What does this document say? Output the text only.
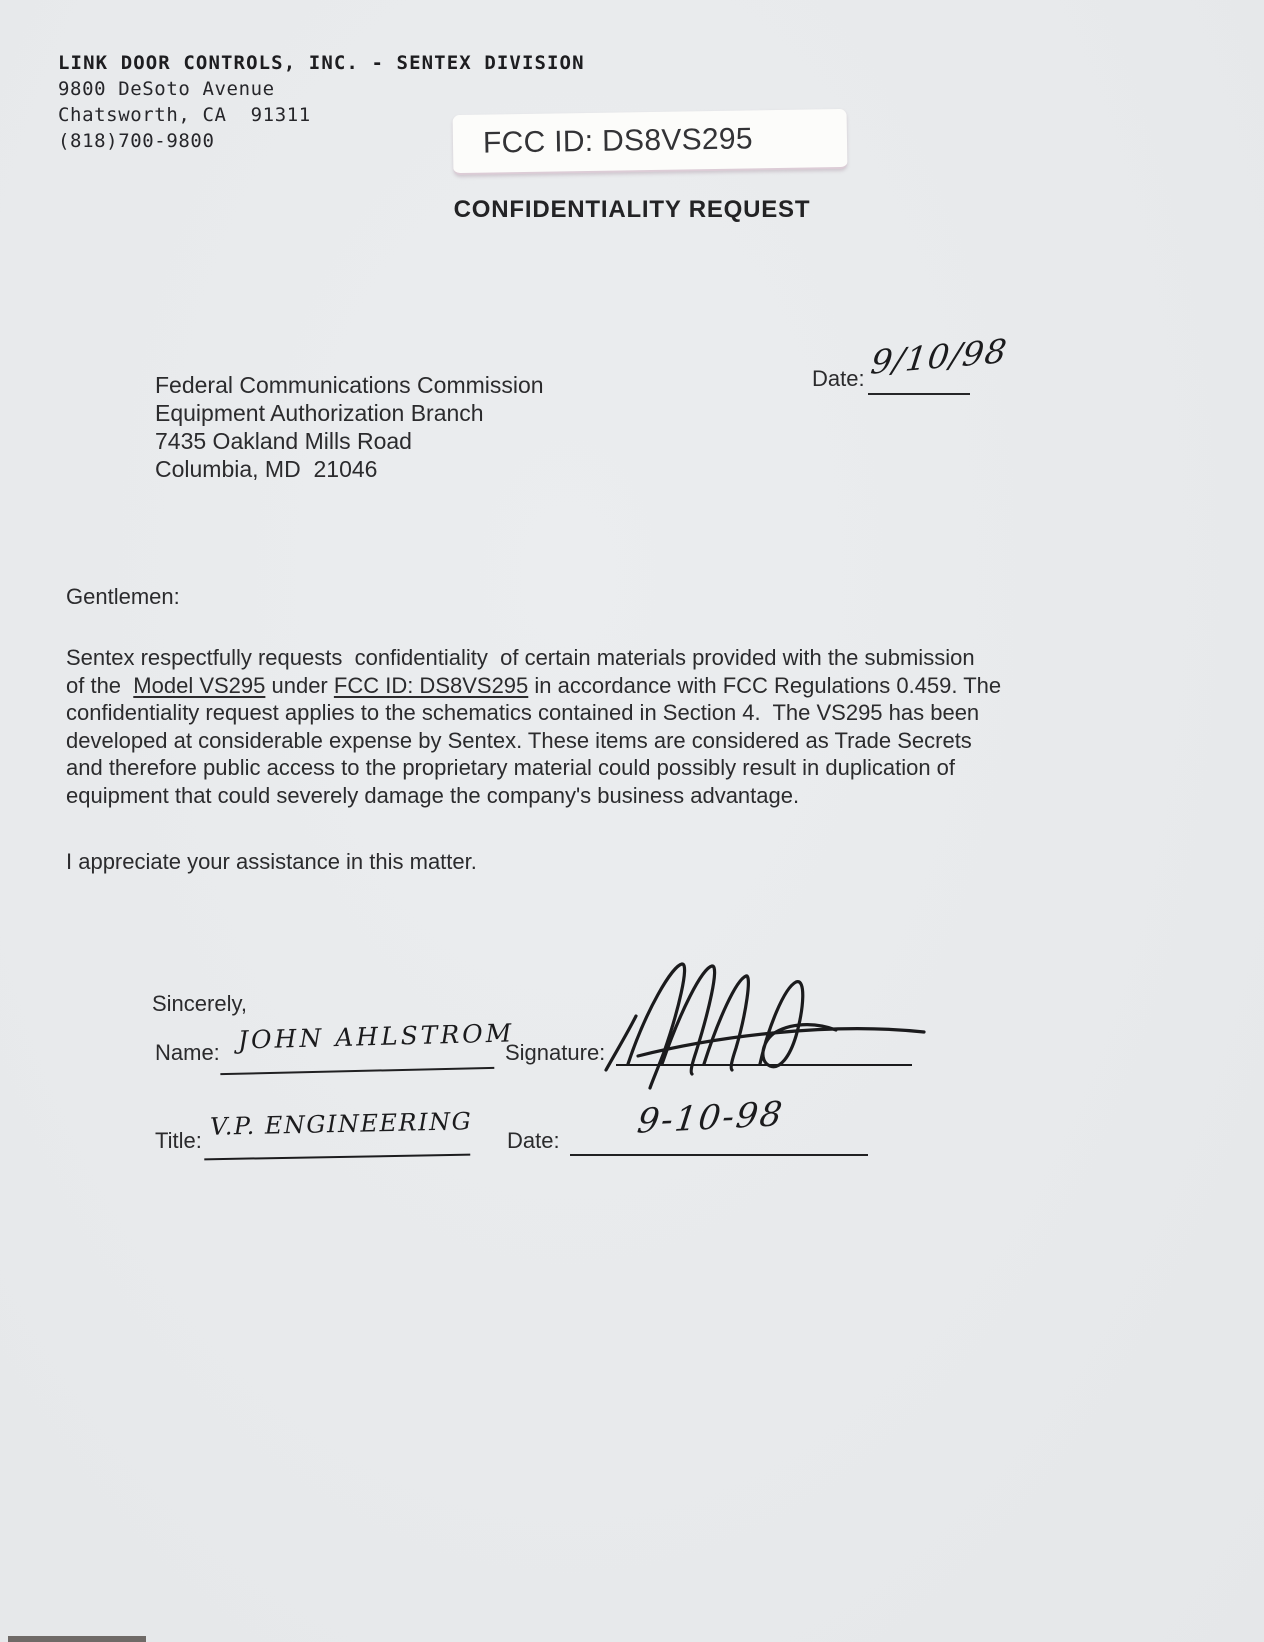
LINK DOOR CONTROLS, INC. - SENTEX DIVISION
9800 DeSoto Avenue
Chatsworth, CA  91311
(818)700-9800	FCC ID: DS8VS295
CONFIDENTIALITY REQUEST
Date: 9/10/98
Federal Communications Commission
Equipment Authorization Branch
7435 Oakland Mills Road
Columbia, MD  21046
Gentlemen:
Sentex respectfully requests  confidentiality  of certain materials provided with the submission
of the  Model VS295 under FCC ID: DS8VS295 in accordance with FCC Regulations 0.459. The
confidentiality request applies to the schematics contained in Section 4.  The VS295 has been
developed at considerable expense by Sentex. These items are considered as Trade Secrets
and therefore public access to the proprietary material could possibly result in duplication of
equipment that could severely damage the company's business advantage.
I appreciate your assistance in this matter.
Sincerely,
Name: JOHN AHLSTROM
Signature:
Title: V.P. ENGINEERING Date: 9-10-98
